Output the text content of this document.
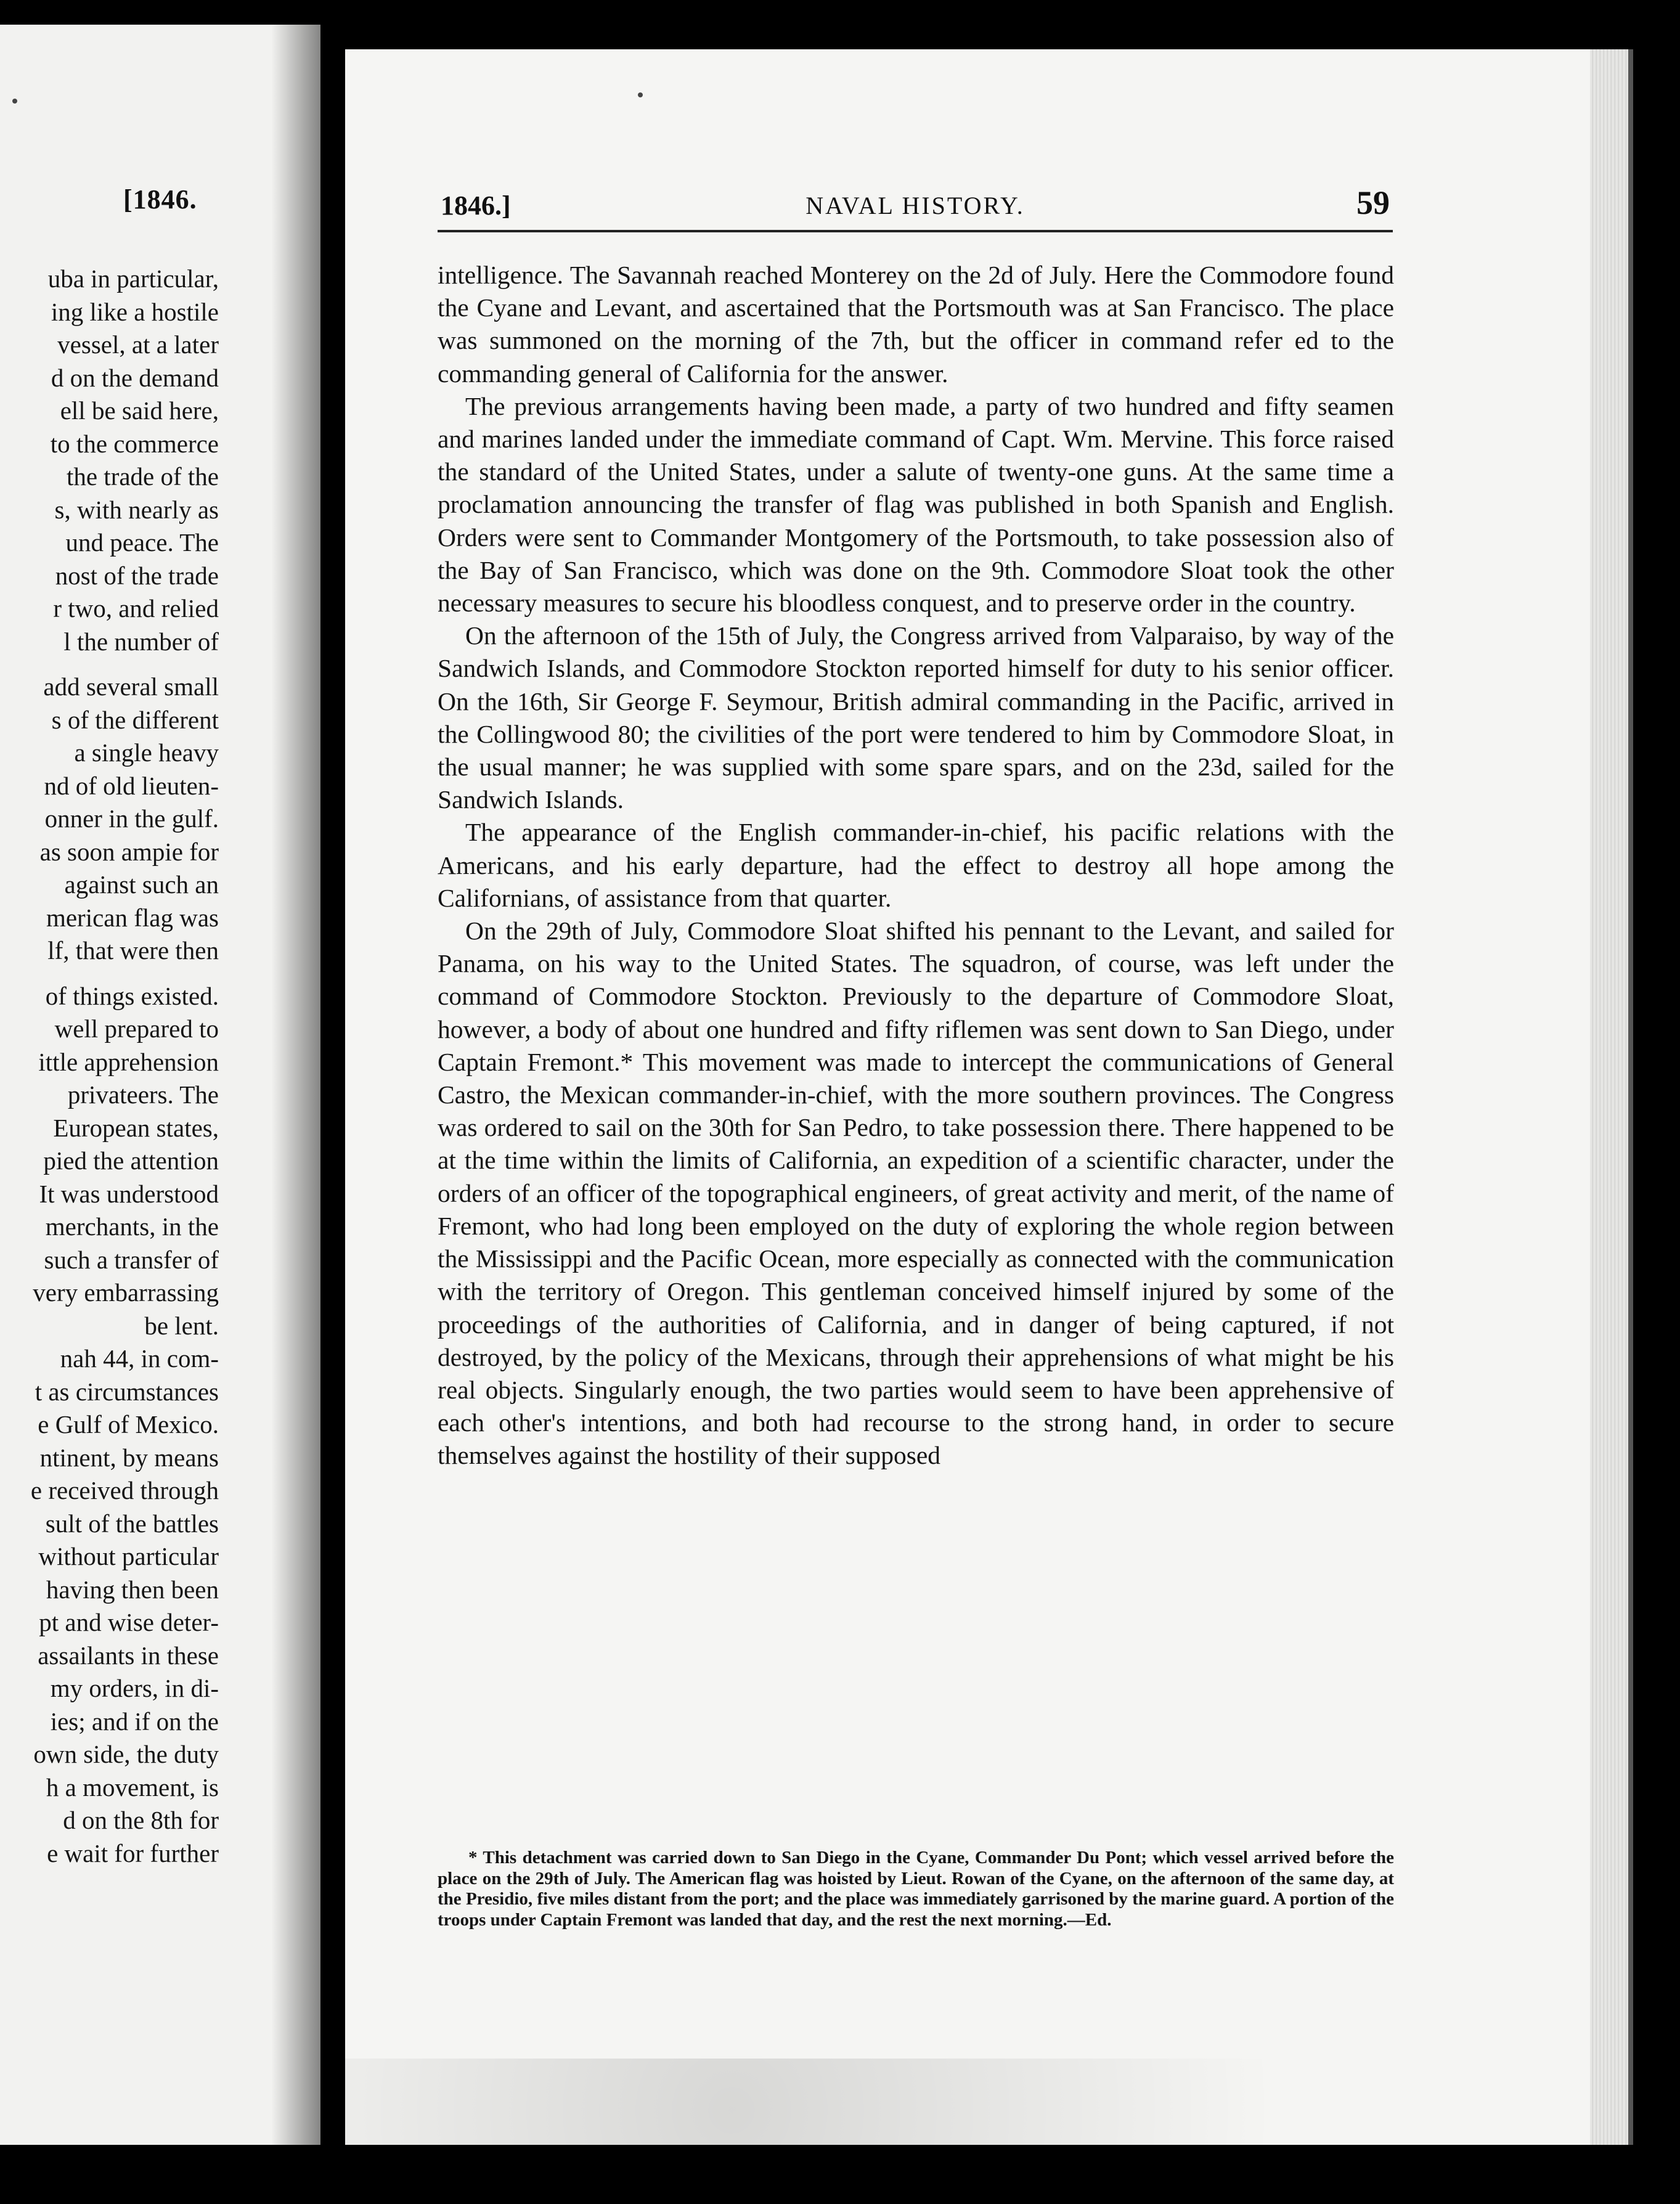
[1846.
uba in particular,
ing like a hostile
vessel, at a later
d on the demand
ell be said here,
to the commerce
the trade of the
s, with nearly as
und peace. The
nost of the trade
r two, and relied
l the number of
add several small
s of the different
a single heavy
nd of old lieuten-
onner in the gulf.
as soon ampie for
against such an
merican flag was
lf, that were then
of things existed.
well prepared to
ittle apprehension
privateers. The
European states,
pied the attention
It was understood
merchants, in the
such a transfer of
very embarrassing
be lent.
nah 44, in com-
t as circumstances
e Gulf of Mexico.
ntinent, by means
e received through
sult of the battles
without particular
having then been
pt and wise deter-
assailants in these
my orders, in di-
ies; and if on the
own side, the duty
h a movement, is
d on the 8th for
e wait for further
1846.]	NAVAL HISTORY.	59

intelligence. The Savannah reached Monterey on the 2d of July. Here the Commodore found the Cyane and Levant, and ascertained that the Portsmouth was at San Francisco. The place was summoned on the morning of the 7th, but the officer in command refer ed to the commanding general of California for the answer.

The previous arrangements having been made, a party of two hundred and fifty seamen and marines landed under the immediate command of Capt. Wm. Mervine. This force raised the standard of the United States, under a salute of twenty-one guns. At the same time a proclamation announcing the transfer of flag was published in both Spanish and English. Orders were sent to Commander Montgomery of the Portsmouth, to take possession also of the Bay of San Francisco, which was done on the 9th. Commodore Sloat took the other necessary measures to secure his bloodless conquest, and to preserve order in the country.

On the afternoon of the 15th of July, the Congress arrived from Valparaiso, by way of the Sandwich Islands, and Commodore Stockton reported himself for duty to his senior officer. On the 16th, Sir George F. Seymour, British admiral commanding in the Pacific, arrived in the Collingwood 80; the civilities of the port were tendered to him by Commodore Sloat, in the usual manner; he was supplied with some spare spars, and on the 23d, sailed for the Sandwich Islands.

The appearance of the English commander-in-chief, his pacific relations with the Americans, and his early departure, had the effect to destroy all hope among the Californians, of assistance from that quarter.

On the 29th of July, Commodore Sloat shifted his pennant to the Levant, and sailed for Panama, on his way to the United States. The squadron, of course, was left under the command of Commodore Stockton. Previously to the departure of Commodore Sloat, however, a body of about one hundred and fifty riflemen was sent down to San Diego, under Captain Fremont.* This movement was made to intercept the communications of General Castro, the Mexican commander-in-chief, with the more southern provinces. The Congress was ordered to sail on the 30th for San Pedro, to take possession there. There happened to be at the time within the limits of California, an expedition of a scientific character, under the orders of an officer of the topographical engineers, of great activity and merit, of the name of Fremont, who had long been employed on the duty of exploring the whole region between the Mississippi and the Pacific Ocean, more especially as connected with the communication with the territory of Oregon. This gentleman conceived himself injured by some of the proceedings of the authorities of California, and in danger of being captured, if not destroyed, by the policy of the Mexicans, through their apprehensions of what might be his real objects. Singularly enough, the two parties would seem to have been apprehensive of each other's intentions, and both had recourse to the strong hand, in order to secure themselves against the hostility of their supposed

* This detachment was carried down to San Diego in the Cyane, Commander Du Pont; which vessel arrived before the place on the 29th of July. The American flag was hoisted by Lieut. Rowan of the Cyane, on the afternoon of the same day, at the Presidio, five miles distant from the port; and the place was immediately garrisoned by the marine guard. A portion of the troops under Captain Fremont was landed that day, and the rest the next morning.—Ed.
